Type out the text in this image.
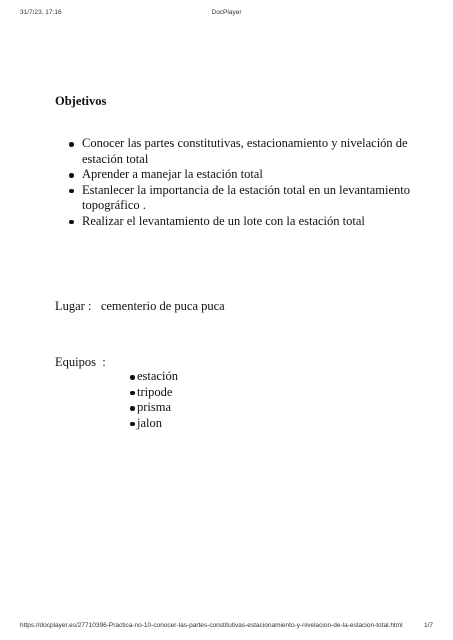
31/7/23, 17:16	DocPlayer
Objetivos
Conocer las partes constitutivas, estacionamiento y nivelación de estación total
Aprender a manejar la estación total
Estanlecer la importancia de la estación total en un levantamiento topográfico .
Realizar el levantamiento de un lote con la estación total
Lugar : cementerio de puca puca
Equipos  :
estación
tripode
prisma
jalon
https://docplayer.es/27710396-Practica-no-10-conocer-las-partes-constitutivas-estacionamiento-y-nivelacion-de-la-estacion-total.html	1/7
